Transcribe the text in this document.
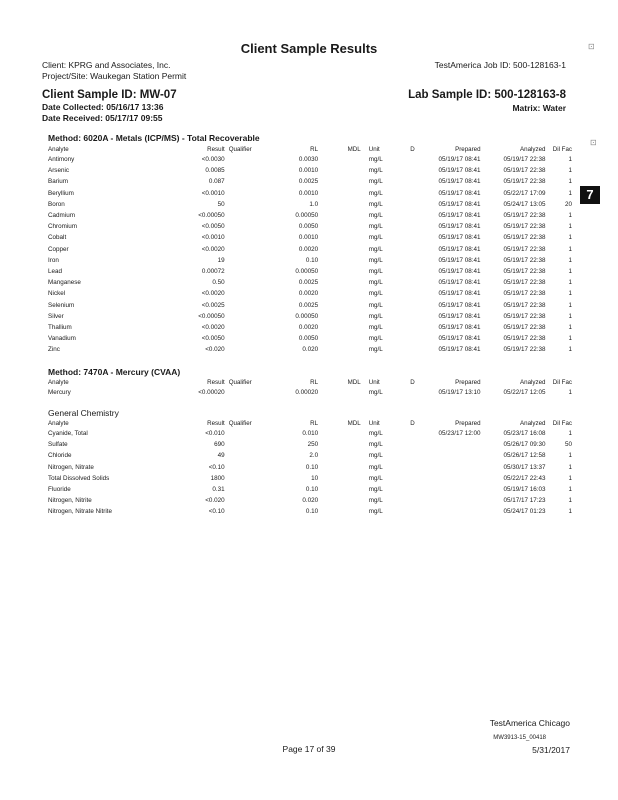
Client Sample Results
Client: KPRG and Associates, Inc.
Project/Site: Waukegan Station Permit
TestAmerica Job ID: 500-128163-1
Client Sample ID: MW-07	Lab Sample ID: 500-128163-8
Date Collected: 05/16/17 13:36
Date Received: 05/17/17 09:55
Matrix: Water
Method: 6020A - Metals (ICP/MS) - Total Recoverable
Analyte	Result	Qualifier	RL	MDL	Unit	D	Prepared	Analyzed	Dil Fac
Antimony	<0.0030		0.0030		mg/L		05/19/17 08:41	05/19/17 22:38	1
Arsenic	0.0085		0.0010		mg/L		05/19/17 08:41	05/19/17 22:38	1
Barium	0.087		0.0025		mg/L		05/19/17 08:41	05/19/17 22:38	1
Beryllium	<0.0010		0.0010		mg/L		05/19/17 08:41	05/22/17 17:09	1
Boron	50		1.0		mg/L		05/19/17 08:41	05/24/17 13:05	20
Cadmium	<0.00050		0.00050		mg/L		05/19/17 08:41	05/19/17 22:38	1
Chromium	<0.0050		0.0050		mg/L		05/19/17 08:41	05/19/17 22:38	1
Cobalt	<0.0010		0.0010		mg/L		05/19/17 08:41	05/19/17 22:38	1
Copper	<0.0020		0.0020		mg/L		05/19/17 08:41	05/19/17 22:38	1
Iron	19		0.10		mg/L		05/19/17 08:41	05/19/17 22:38	1
Lead	0.00072		0.00050		mg/L		05/19/17 08:41	05/19/17 22:38	1
Manganese	0.50		0.0025		mg/L		05/19/17 08:41	05/19/17 22:38	1
Nickel	<0.0020		0.0020		mg/L		05/19/17 08:41	05/19/17 22:38	1
Selenium	<0.0025		0.0025		mg/L		05/19/17 08:41	05/19/17 22:38	1
Silver	<0.00050		0.00050		mg/L		05/19/17 08:41	05/19/17 22:38	1
Thallium	<0.0020		0.0020		mg/L		05/19/17 08:41	05/19/17 22:38	1
Vanadium	<0.0050		0.0050		mg/L		05/19/17 08:41	05/19/17 22:38	1
Zinc	<0.020		0.020		mg/L		05/19/17 08:41	05/19/17 22:38	1
Method: 7470A - Mercury (CVAA)
Analyte	Result	Qualifier	RL	MDL	Unit	D	Prepared	Analyzed	Dil Fac
Mercury	<0.00020		0.00020		mg/L		05/19/17 13:10	05/22/17 12:05	1
General Chemistry
Analyte	Result	Qualifier	RL	MDL	Unit	D	Prepared	Analyzed	Dil Fac
Cyanide, Total	<0.010		0.010		mg/L		05/23/17 12:00	05/23/17 16:08	1
Sulfate	690		250		mg/L			05/26/17 09:30	50
Chloride	49		2.0		mg/L			05/26/17 12:58	1
Nitrogen, Nitrate	<0.10		0.10		mg/L			05/30/17 13:37	1
Total Dissolved Solids	1800		10		mg/L			05/22/17 22:43	1
Fluoride	0.31		0.10		mg/L			05/19/17 16:03	1
Nitrogen, Nitrite	<0.020		0.020		mg/L			05/17/17 17:23	1
Nitrogen, Nitrate Nitrite	<0.10		0.10		mg/L			05/24/17 01:23	1
⊡
⊡
7
TestAmerica Chicago
MW3913-15_00418
Page 17 of 39	5/31/2017
